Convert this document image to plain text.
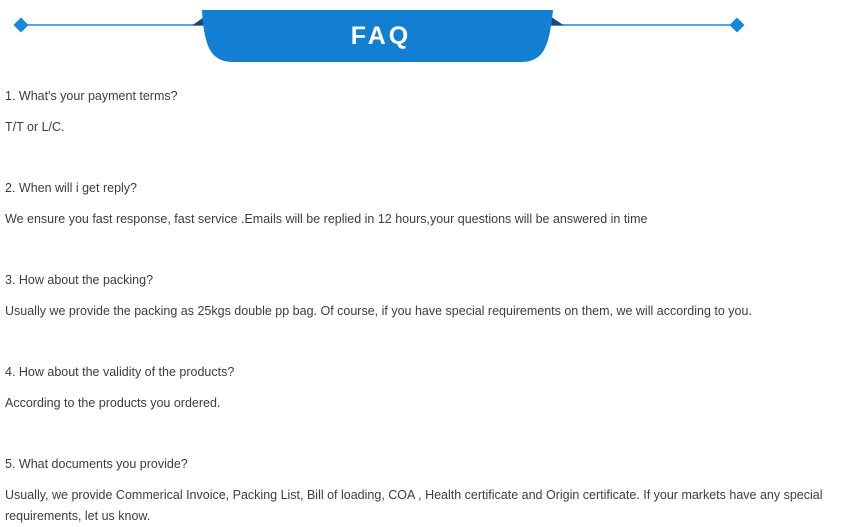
FAQ

1. What's your payment terms?

T/T or L/C.

2. When will i get reply?

We ensure you fast response, fast service .Emails will be replied in 12 hours,your questions will be answered in time

3. How about the packing?

Usually we provide the packing as 25kgs double pp bag. Of course, if you have special requirements on them, we will according to you.

4. How about the validity of the products?

According to the products you ordered.

5. What documents you provide?

Usually, we provide Commerical Invoice, Packing List, Bill of loading, COA , Health certificate and Origin certificate. If your markets have any special requirements, let us know.
